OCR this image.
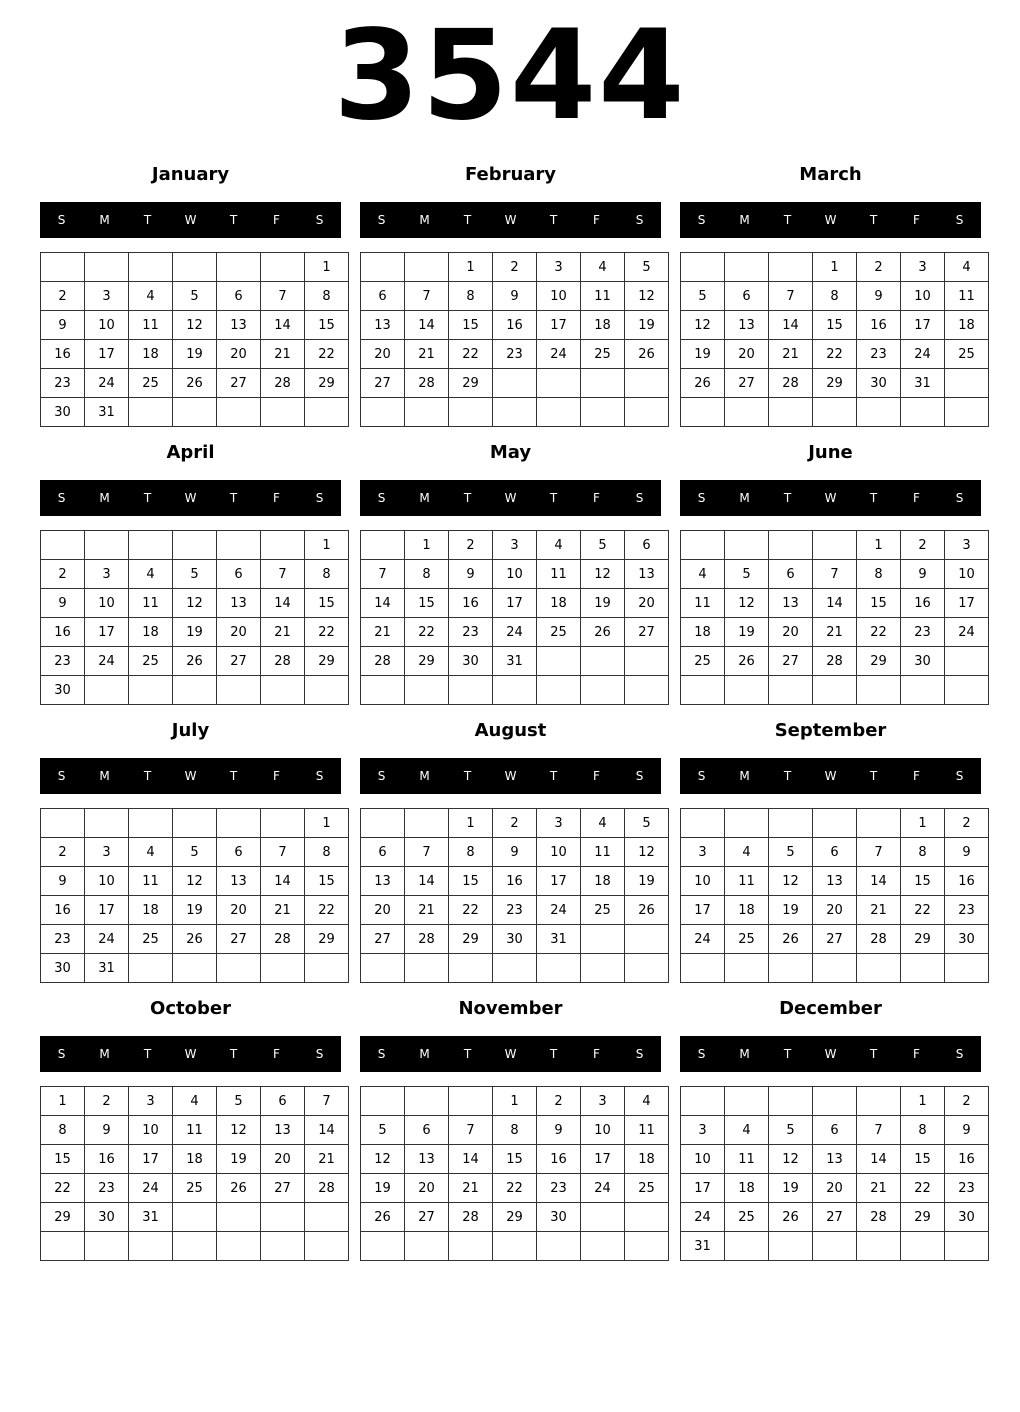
3544
January
S	M	T	W	T	F	S
						1
2	3	4	5	6	7	8
9	10	11	12	13	14	15
16	17	18	19	20	21	22
23	24	25	26	27	28	29
30	31					
February
S	M	T	W	T	F	S
		1	2	3	4	5
6	7	8	9	10	11	12
13	14	15	16	17	18	19
20	21	22	23	24	25	26
27	28	29				

March
S	M	T	W	T	F	S
			1	2	3	4
5	6	7	8	9	10	11
12	13	14	15	16	17	18
19	20	21	22	23	24	25
26	27	28	29	30	31	

April
S	M	T	W	T	F	S
						1
2	3	4	5	6	7	8
9	10	11	12	13	14	15
16	17	18	19	20	21	22
23	24	25	26	27	28	29
30						
May
S	M	T	W	T	F	S
	1	2	3	4	5	6
7	8	9	10	11	12	13
14	15	16	17	18	19	20
21	22	23	24	25	26	27
28	29	30	31			

June
S	M	T	W	T	F	S
				1	2	3
4	5	6	7	8	9	10
11	12	13	14	15	16	17
18	19	20	21	22	23	24
25	26	27	28	29	30	

July
S	M	T	W	T	F	S
						1
2	3	4	5	6	7	8
9	10	11	12	13	14	15
16	17	18	19	20	21	22
23	24	25	26	27	28	29
30	31					
August
S	M	T	W	T	F	S
		1	2	3	4	5
6	7	8	9	10	11	12
13	14	15	16	17	18	19
20	21	22	23	24	25	26
27	28	29	30	31		

September
S	M	T	W	T	F	S
					1	2
3	4	5	6	7	8	9
10	11	12	13	14	15	16
17	18	19	20	21	22	23
24	25	26	27	28	29	30

October
S	M	T	W	T	F	S
1	2	3	4	5	6	7
8	9	10	11	12	13	14
15	16	17	18	19	20	21
22	23	24	25	26	27	28
29	30	31				

November
S	M	T	W	T	F	S
			1	2	3	4
5	6	7	8	9	10	11
12	13	14	15	16	17	18
19	20	21	22	23	24	25
26	27	28	29	30		

December
S	M	T	W	T	F	S
					1	2
3	4	5	6	7	8	9
10	11	12	13	14	15	16
17	18	19	20	21	22	23
24	25	26	27	28	29	30
31						
